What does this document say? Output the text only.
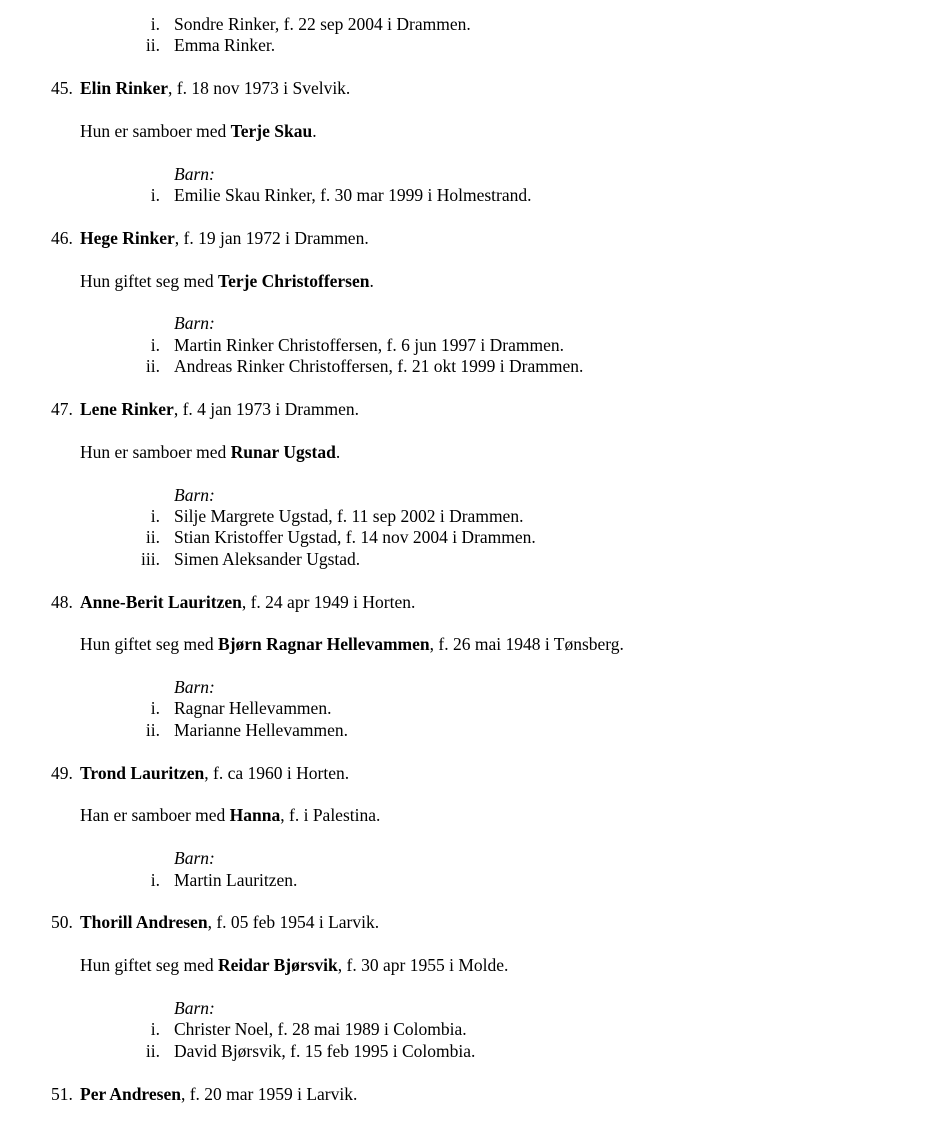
i. Sondre Rinker, f. 22 sep 2004 i Drammen.
ii. Emma Rinker.
45. Elin Rinker, f. 18 nov 1973 i Svelvik.
Hun er samboer med Terje Skau.
Barn:
i. Emilie Skau Rinker, f. 30 mar 1999 i Holmestrand.
46. Hege Rinker, f. 19 jan 1972 i Drammen.
Hun giftet seg med Terje Christoffersen.
Barn:
i. Martin Rinker Christoffersen, f. 6 jun 1997 i Drammen.
ii. Andreas Rinker Christoffersen, f. 21 okt 1999 i Drammen.
47. Lene Rinker, f. 4 jan 1973 i Drammen.
Hun er samboer med Runar Ugstad.
Barn:
i. Silje Margrete Ugstad, f. 11 sep 2002 i Drammen.
ii. Stian Kristoffer Ugstad, f. 14 nov 2004 i Drammen.
iii. Simen Aleksander Ugstad.
48. Anne-Berit Lauritzen, f. 24 apr 1949 i Horten.
Hun giftet seg med Bjørn Ragnar Hellevammen, f. 26 mai 1948 i Tønsberg.
Barn:
i. Ragnar Hellevammen.
ii. Marianne Hellevammen.
49. Trond Lauritzen, f. ca 1960 i Horten.
Han er samboer med Hanna, f. i Palestina.
Barn:
i. Martin Lauritzen.
50. Thorill Andresen, f. 05 feb 1954 i Larvik.
Hun giftet seg med Reidar Bjørsvik, f. 30 apr 1955 i Molde.
Barn:
i. Christer Noel, f. 28 mai 1989 i Colombia.
ii. David Bjørsvik, f. 15 feb 1995 i Colombia.
51. Per Andresen, f. 20 mar 1959 i Larvik.
